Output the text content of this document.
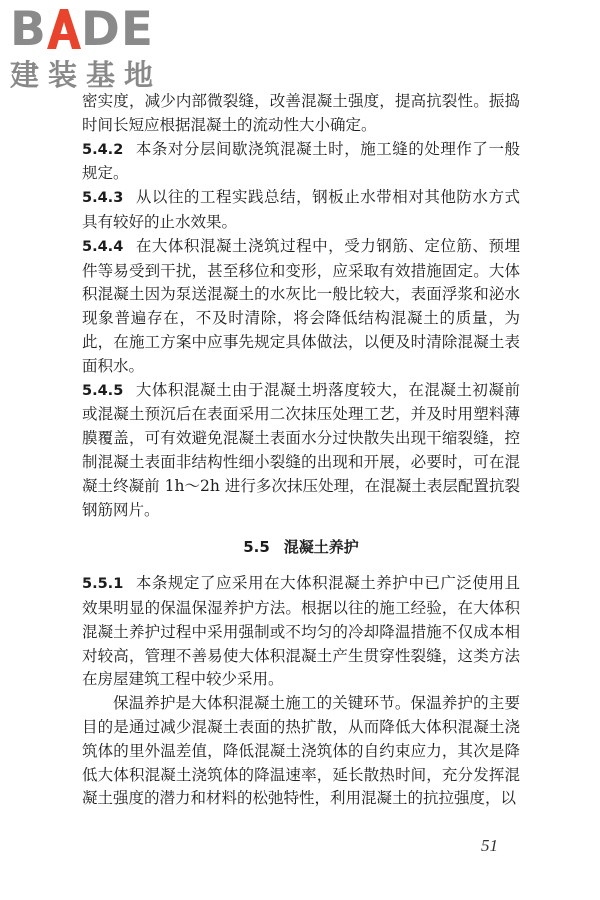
B DE
建装基地

密实度，减少内部微裂缝，改善混凝土强度，提高抗裂性。振捣时间长短应根据混凝土的流动性大小确定。

5.4.2 本条对分层间歇浇筑混凝土时，施工缝的处理作了一般规定。

5.4.3 从以往的工程实践总结，钢板止水带相对其他防水方式具有较好的止水效果。

5.4.4 在大体积混凝土浇筑过程中，受力钢筋、定位筋、预埋件等易受到干扰，甚至移位和变形，应采取有效措施固定。大体积混凝土因为泵送混凝土的水灰比一般比较大，表面浮浆和泌水现象普遍存在，不及时清除，将会降低结构混凝土的质量，为此，在施工方案中应事先规定具体做法，以便及时清除混凝土表面积水。

5.4.5 大体积混凝土由于混凝土坍落度较大，在混凝土初凝前或混凝土预沉后在表面采用二次抹压处理工艺，并及时用塑料薄膜覆盖，可有效避免混凝土表面水分过快散失出现干缩裂缝，控制混凝土表面非结构性细小裂缝的出现和开展，必要时，可在混凝土终凝前 1h～2h 进行多次抹压处理，在混凝土表层配置抗裂钢筋网片。

5.5 混凝土养护

5.5.1 本条规定了应采用在大体积混凝土养护中已广泛使用且效果明显的保温保湿养护方法。根据以往的施工经验，在大体积混凝土养护过程中采用强制或不均匀的冷却降温措施不仅成本相对较高，管理不善易使大体积混凝土产生贯穿性裂缝，这类方法在房屋建筑工程中较少采用。

保温养护是大体积混凝土施工的关键环节。保温养护的主要目的是通过减少混凝土表面的热扩散，从而降低大体积混凝土浇筑体的里外温差值，降低混凝土浇筑体的自约束应力，其次是降低大体积混凝土浇筑体的降温速率，延长散热时间，充分发挥混凝土强度的潜力和材料的松弛特性，利用混凝土的抗拉强度，以

51
